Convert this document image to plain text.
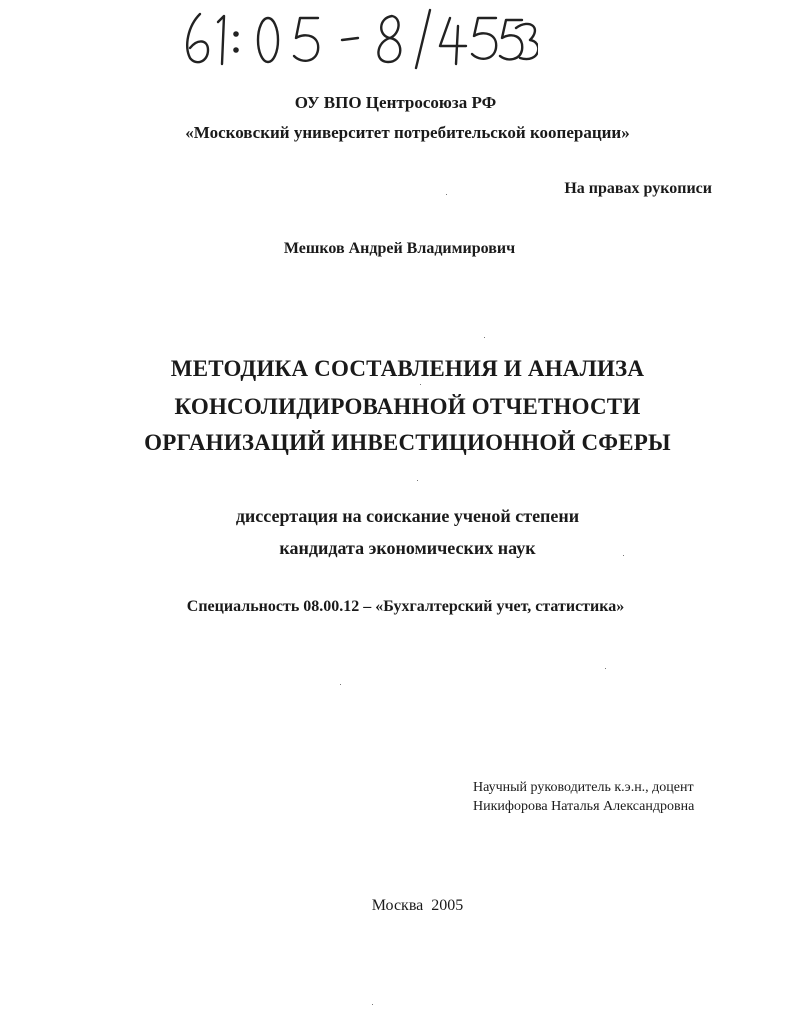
ОУ ВПО Центросоюза РФ
«Московский университет потребительской кооперации»
На правах рукописи
Мешков Андрей Владимирович
МЕТОДИКА СОСТАВЛЕНИЯ И АНАЛИЗА
КОНСОЛИДИРОВАННОЙ ОТЧЕТНОСТИ
ОРГАНИЗАЦИЙ ИНВЕСТИЦИОННОЙ СФЕРЫ
диссертация на соискание ученой степени
кандидата экономических наук
Специальность 08.00.12 – «Бухгалтерский учет, статистика»
Научный руководитель к.э.н., доцент
Никифорова Наталья Александровна
Москва 2005
